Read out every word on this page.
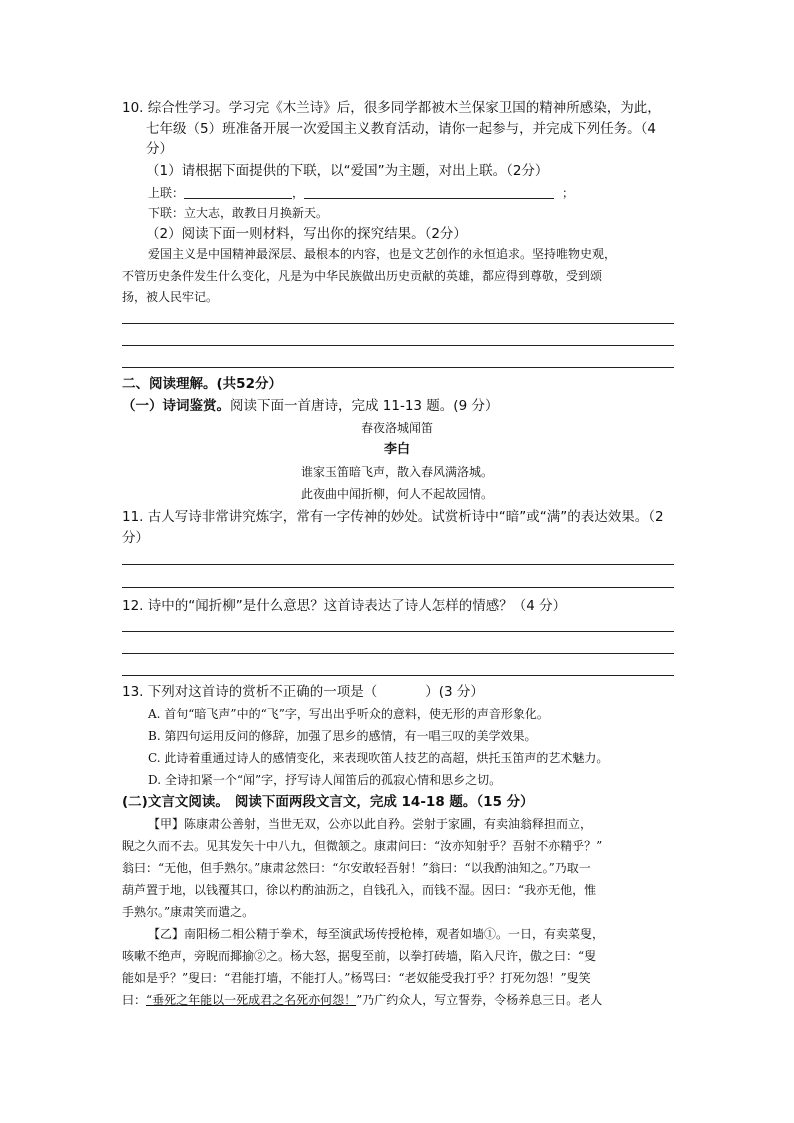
10. 综合性学习。学习完《木兰诗》后，很多同学都被木兰保家卫国的精神所感染，为此，
七年级（5）班准备开展一次爱国主义教育活动，请你一起参与，并完成下列任务。（4
分）
（1）请根据下面提供的下联，以“爱国”为主题，对出上联。（2分）
上联：	，	；
下联：立大志，敢教日月换新天。
（2）阅读下面一则材料，写出你的探究结果。（2分）
爱国主义是中国精神最深层、最根本的内容，也是文艺创作的永恒追求。坚持唯物史观，
不管历史条件发生什么变化，凡是为中华民族做出历史贡献的英雄，都应得到尊敬，受到颂
扬，被人民牢记。
二、阅读理解。(共52分）
（一）诗词鉴赏。阅读下面一首唐诗，完成 11-13 题。(9 分）
春夜洛城闻笛
李白
谁家玉笛暗飞声，散入春风满洛城。
此夜曲中闻折柳，何人不起故园情。
11. 古人写诗非常讲究炼字，常有一字传神的妙处。试赏析诗中“暗”或“满”的表达效果。（2
分）
12. 诗中的“闻折柳”是什么意思？这首诗表达了诗人怎样的情感？（4 分）
13. 下列对这首诗的赏析不正确的一项是（	）(3 分）
A. 首句“暗飞声”中的“飞”字，写出出乎听众的意料，使无形的声音形象化。
B. 第四句运用反问的修辞，加强了思乡的感情，有一唱三叹的美学效果。
C. 此诗着重通过诗人的感情变化，来表现吹笛人技艺的高超，烘托玉笛声的艺术魅力。
D. 全诗扣紧一个“闻”字，抒写诗人闻笛后的孤寂心情和思乡之切。
(二)文言文阅读。 阅读下面两段文言文，完成 14-18 题。（15 分）
【甲】陈康肃公善射，当世无双，公亦以此自矜。尝射于家圃，有卖油翁释担而立，
睨之久而不去。见其发矢十中八九，但微颔之。康肃问曰：“汝亦知射乎？吾射不亦精乎？”
翁曰：“无他，但手熟尔。”康肃忿然曰：“尔安敢轻吾射！”翁曰：“以我酌油知之。”乃取一
葫芦置于地，以钱覆其口，徐以杓酌油沥之，自钱孔入，而钱不湿。因曰：“我亦无他，惟
手熟尔。”康肃笑而遣之。
【乙】南阳杨二相公精于拳术，每至演武场传授枪棒，观者如墙①。一日，有卖菜叟，
咳嗽不绝声，旁睨而揶揄②之。杨大怒，据叟至前，以拳打砖墙，陷入尺许，傲之曰：“叟
能如是乎？”叟曰：“君能打墙，不能打人。”杨骂曰：“老奴能受我打乎？打死勿怨！”叟笑
曰：“垂死之年能以一死成君之名死亦何怨！”乃广约众人，写立誓券，令杨养息三日。老人
